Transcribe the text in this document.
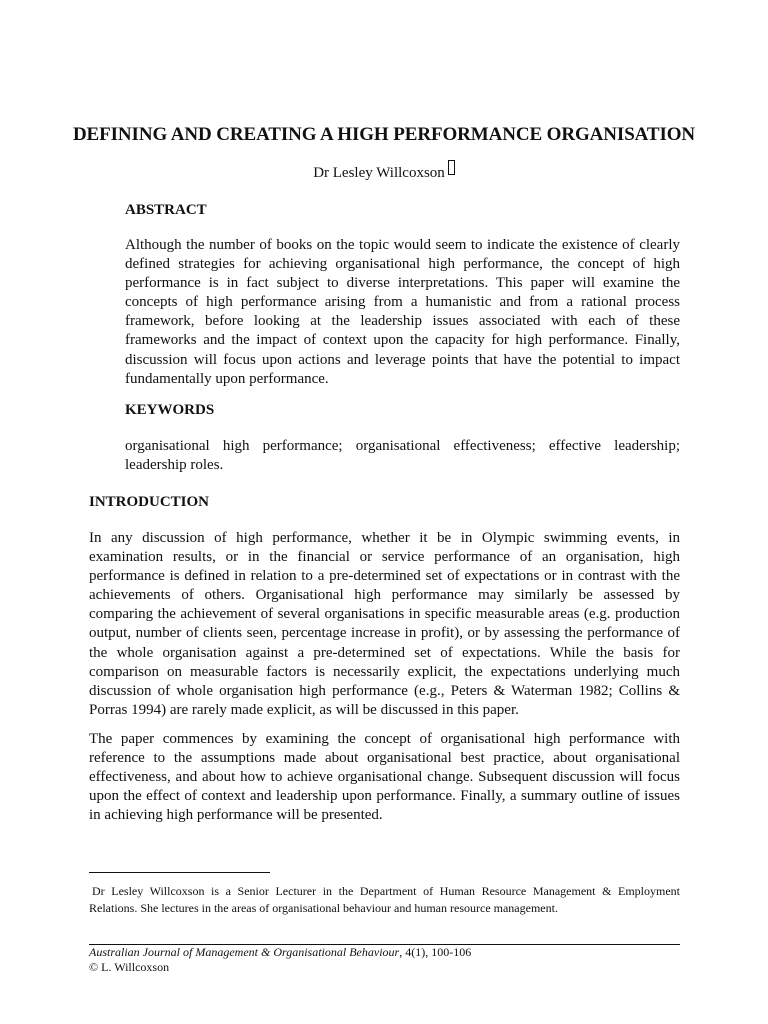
DEFINING AND CREATING A HIGH PERFORMANCE ORGANISATION
Dr Lesley Willcoxson
ABSTRACT
Although the number of books on the topic would seem to indicate the existence of clearly
defined strategies for achieving organisational high performance, the concept of high
performance is in fact subject to diverse interpretations. This paper will examine the
concepts of high performance arising from a humanistic and from a rational process
framework, before looking at the leadership issues associated with each of these
frameworks and the impact of context upon the capacity for high performance. Finally,
discussion will focus upon actions and leverage points that have the potential to impact
fundamentally upon performance.
KEYWORDS
organisational high performance; organisational effectiveness; effective leadership;
leadership roles.
INTRODUCTION
In any discussion of high performance, whether it be in Olympic swimming events, in
examination results, or in the financial or service performance of an organisation, high
performance is defined in relation to a pre-determined set of expectations or in contrast with the
achievements of others. Organisational high performance may similarly be assessed by
comparing the achievement of several organisations in specific measurable areas (e.g. production
output, number of clients seen, percentage increase in profit), or by assessing the performance of
the whole organisation against a pre-determined set of expectations. While the basis for
comparison on measurable factors is necessarily explicit, the expectations underlying much
discussion of whole organisation high performance (e.g., Peters & Waterman 1982; Collins &
Porras 1994) are rarely made explicit, as will be discussed in this paper.
The paper commences by examining the concept of organisational high performance with
reference to the assumptions made about organisational best practice, about organisational
effectiveness, and about how to achieve organisational change. Subsequent discussion will focus
upon the effect of context and leadership upon performance. Finally, a summary outline of issues
in achieving high performance will be presented.
Dr Lesley Willcoxson is a Senior Lecturer in the Department of Human Resource Management & Employment
Relations. She lectures in the areas of organisational behaviour and human resource management.
Australian Journal of Management & Organisational Behaviour, 4(1), 100-106
© L. Willcoxson
